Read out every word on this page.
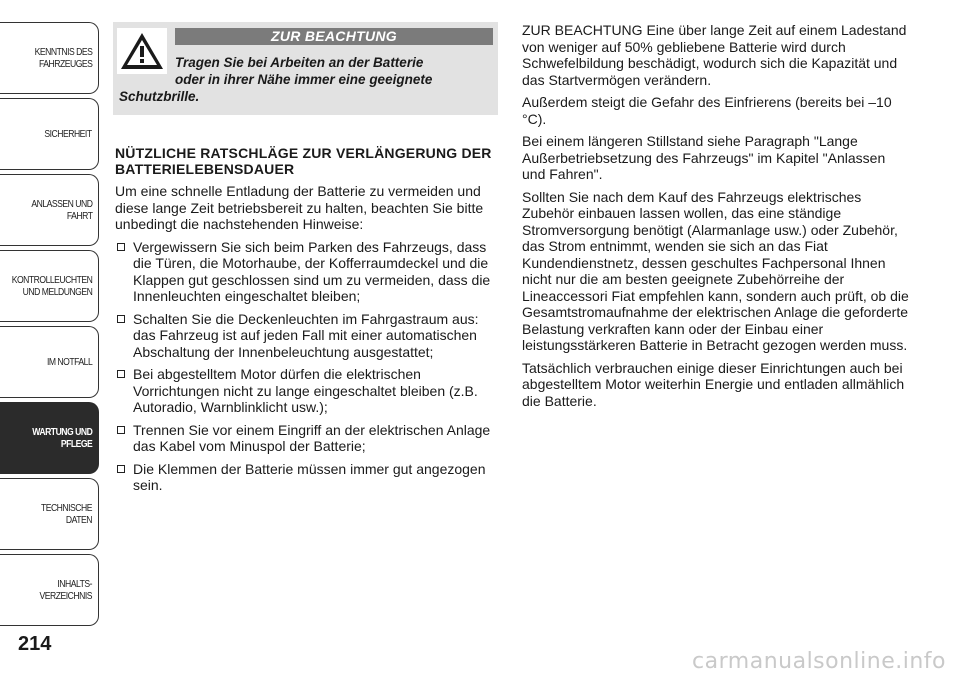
KENNTNIS DES
FAHRZEUGES
SICHERHEIT
ANLASSEN UND
FAHRT
KONTROLLEUCHTEN
UND MELDUNGEN
IM NOTFALL
WARTUNG UND
PFLEGE
TECHNISCHE DATEN
INHALTS-
VERZEICHNIS
214
ZUR BEACHTUNG
Tragen Sie bei Arbeiten an der Batterie
oder in ihrer Nähe immer eine geeignete
Schutzbrille.
NÜTZLICHE RATSCHLÄGE ZUR VERLÄNGERUNG DER BATTERIELEBENSDAUER

Um eine schnelle Entladung der Batterie zu vermeiden und diese lange Zeit betriebsbereit zu halten, beachten Sie bitte unbedingt die nachstehenden Hinweise:

Vergewissern Sie sich beim Parken des Fahrzeugs, dass die Türen, die Motorhaube, der Kofferraumdeckel und die Klappen gut geschlossen sind um zu vermeiden, dass die Innenleuchten eingeschaltet bleiben;
Schalten Sie die Deckenleuchten im Fahrgastraum aus: das Fahrzeug ist auf jeden Fall mit einer automatischen Abschaltung der Innenbeleuchtung ausgestattet;
Bei abgestelltem Motor dürfen die elektrischen Vorrichtungen nicht zu lange eingeschaltet bleiben (z.B. Autoradio, Warnblinklicht usw.);
Trennen Sie vor einem Eingriff an der elektrischen Anlage das Kabel vom Minuspol der Batterie;
Die Klemmen der Batterie müssen immer gut angezogen sein.

ZUR BEACHTUNG Eine über lange Zeit auf einem Ladestand von weniger auf 50% gebliebene Batterie wird durch Schwefelbildung beschädigt, wodurch sich die Kapazität und das Startvermögen verändern.

Außerdem steigt die Gefahr des Einfrierens (bereits bei –10 °C).

Bei einem längeren Stillstand siehe Paragraph "Lange Außerbetriebsetzung des Fahrzeugs" im Kapitel "Anlassen und Fahren".

Sollten Sie nach dem Kauf des Fahrzeugs elektrisches Zubehör einbauen lassen wollen, das eine ständige Stromversorgung benötigt (Alarmanlage usw.) oder Zubehör, das Strom entnimmt, wenden sie sich an das Fiat Kundendienstnetz, dessen geschultes Fachpersonal Ihnen nicht nur die am besten geeignete Zubehörreihe der Lineaccessori Fiat empfehlen kann, sondern auch prüft, ob die Gesamtstromaufnahme der elektrischen Anlage die geforderte Belastung verkraften kann oder der Einbau einer leistungsstärkeren Batterie in Betracht gezogen werden muss.

Tatsächlich verbrauchen einige dieser Einrichtungen auch bei abgestelltem Motor weiterhin Energie und entladen allmählich die Batterie.

carmanualsonline.info
